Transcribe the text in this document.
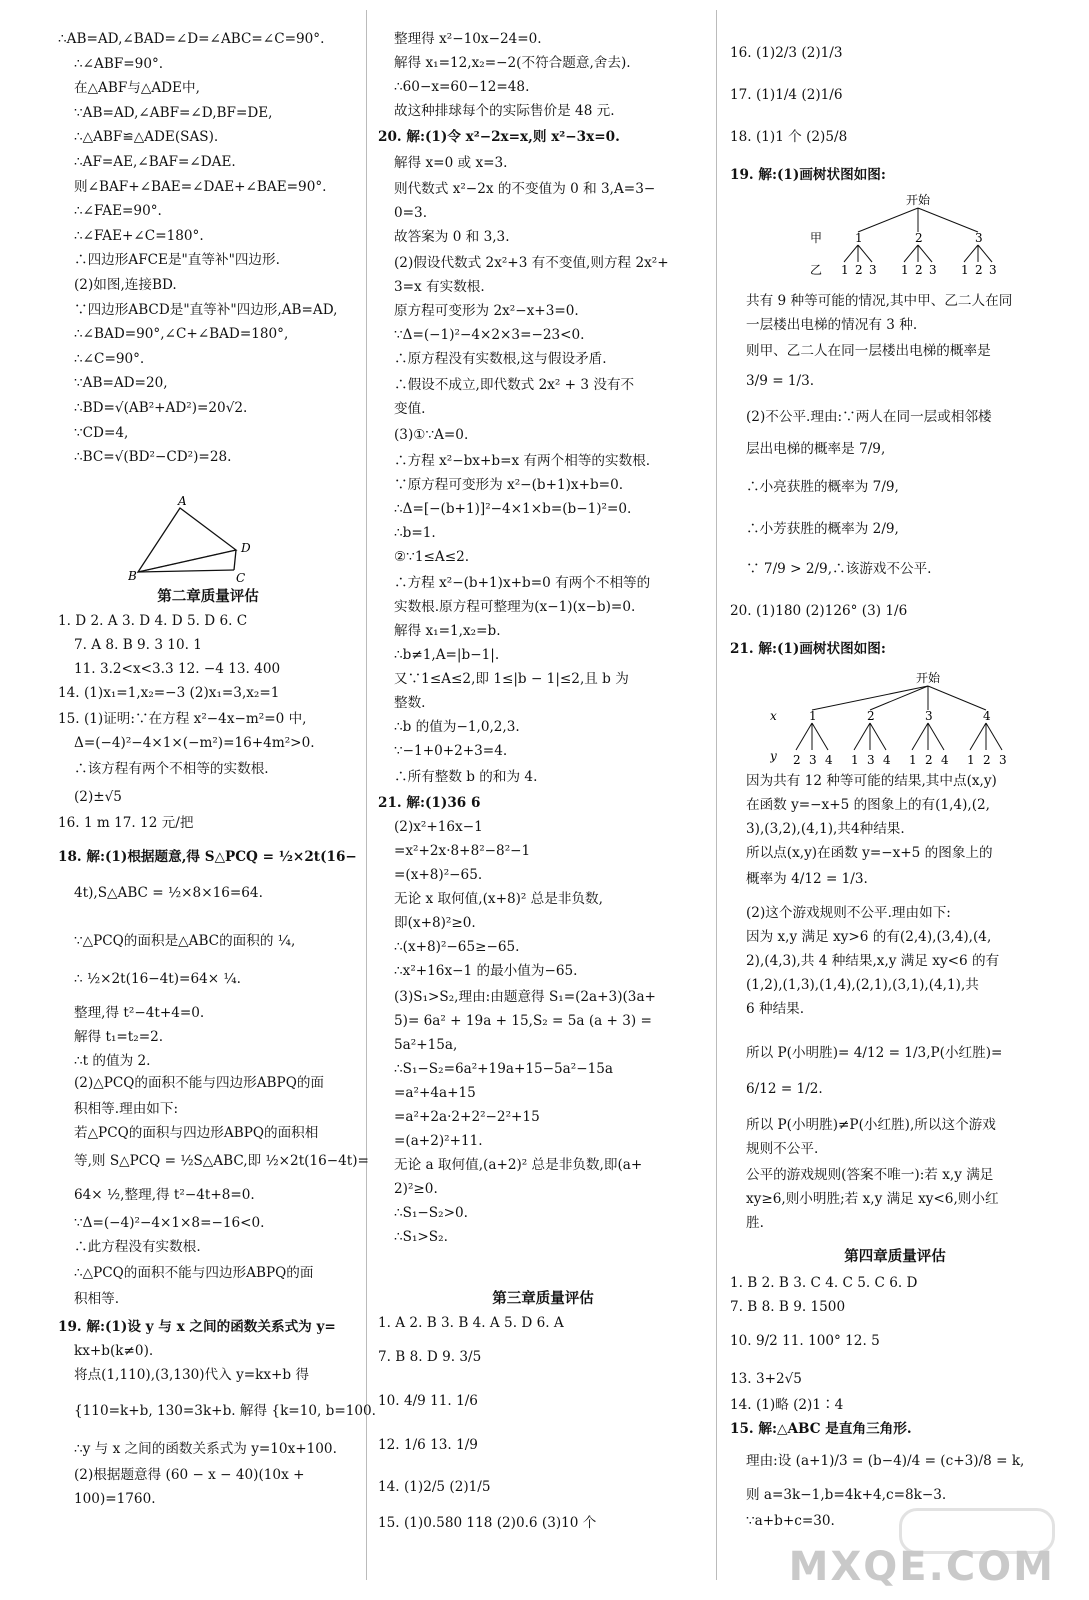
∴AB=AD,∠BAD=∠D=∠ABC=∠C=90°.
∴∠ABF=90°.
在△ABF与△ADE中,
∵AB=AD,∠ABF=∠D,BF=DE,
∴△ABF≌△ADE(SAS).
∴AF=AE,∠BAF=∠DAE.
则∠BAF+∠BAE=∠DAE+∠BAE=90°.
∴∠FAE=90°.
∴∠FAE+∠C=180°.
∴四边形AFCE是"直等补"四边形.
(2)如图,连接BD.
∵四边形ABCD是"直等补"四边形,AB=AD,
∴∠BAD=90°,∠C+∠BAD=180°,
∴∠C=90°.
∵AB=AD=20,
∴BD=√(AB²+AD²)=20√2.
∵CD=4,
∴BC=√(BD²−CD²)=28.
A
B	C
D
第二章质量评估
1. D 2. A 3. D 4. D 5. D 6. C
7. A 8. B 9. 3 10. 1
11. 3.2<x<3.3 12. −4 13. 400
14. (1)x₁=1,x₂=−3 (2)x₁=3,x₂=1
15. (1)证明:∵在方程 x²−4x−m²=0 中,
Δ=(−4)²−4×1×(−m²)=16+4m²>0.
∴该方程有两个不相等的实数根.
(2)±√5
16. 1 m 17. 12 元/把
18. 解:(1)根据题意,得 S△PCQ = ½×2t(16−
4t),S△ABC = ½×8×16=64.
∵△PCQ的面积是△ABC的面积的 ¼,
∴ ½×2t(16−4t)=64× ¼.
整理,得 t²−4t+4=0.
解得 t₁=t₂=2.
∴t 的值为 2.
(2)△PCQ的面积不能与四边形ABPQ的面
积相等.理由如下:
若△PCQ的面积与四边形ABPQ的面积相
等,则 S△PCQ = ½S△ABC,即 ½×2t(16−4t)=
64× ½,整理,得 t²−4t+8=0.
∵Δ=(−4)²−4×1×8=−16<0.
∴此方程没有实数根.
∴△PCQ的面积不能与四边形ABPQ的面
积相等.
19. 解:(1)设 y 与 x 之间的函数关系式为 y=
kx+b(k≠0).
将点(1,110),(3,130)代入 y=kx+b 得
{110=k+b, 130=3k+b. 解得 {k=10, b=100.
∴y 与 x 之间的函数关系式为 y=10x+100.
(2)根据题意得 (60 − x − 40)(10x +
100)=1760.
整理得 x²−10x−24=0.
解得 x₁=12,x₂=−2(不符合题意,舍去).
∴60−x=60−12=48.
故这种排球每个的实际售价是 48 元.
20. 解:(1)令 x²−2x=x,则 x²−3x=0.
解得 x=0 或 x=3.
则代数式 x²−2x 的不变值为 0 和 3,A=3−
0=3.
故答案为 0 和 3,3.
(2)假设代数式 2x²+3 有不变值,则方程 2x²+
3=x 有实数根.
原方程可变形为 2x²−x+3=0.
∵Δ=(−1)²−4×2×3=−23<0.
∴原方程没有实数根,这与假设矛盾.
∴假设不成立,即代数式 2x² + 3 没有不
变值.
(3)①∵A=0.
∴方程 x²−bx+b=x 有两个相等的实数根.
∵原方程可变形为 x²−(b+1)x+b=0.
∴Δ=[−(b+1)]²−4×1×b=(b−1)²=0.
∴b=1.
②∵1≤A≤2.
∴方程 x²−(b+1)x+b=0 有两个不相等的
实数根.原方程可整理为(x−1)(x−b)=0.
解得 x₁=1,x₂=b.
∴b≠1,A=|b−1|.
又∵1≤A≤2,即 1≤|b − 1|≤2,且 b 为
整数.
∴b 的值为−1,0,2,3.
∵−1+0+2+3=4.
∴所有整数 b 的和为 4.
21. 解:(1)36 6
(2)x²+16x−1
=x²+2x·8+8²−8²−1
=(x+8)²−65.
无论 x 取何值,(x+8)² 总是非负数,
即(x+8)²≥0.
∴(x+8)²−65≥−65.
∴x²+16x−1 的最小值为−65.
(3)S₁>S₂,理由:由题意得 S₁=(2a+3)(3a+
5)= 6a² + 19a + 15,S₂ = 5a (a + 3) =
5a²+15a,
∴S₁−S₂=6a²+19a+15−5a²−15a
=a²+4a+15
=a²+2a·2+2²−2²+15
=(a+2)²+11.
无论 a 取何值,(a+2)² 总是非负数,即(a+
2)²≥0.
∴S₁−S₂>0.
∴S₁>S₂.
第三章质量评估
1. A 2. B 3. B 4. A 5. D 6. A
7. B 8. D 9. 3/5
10. 4/9 11. 1/6
12. 1/6 13. 1/9
14. (1)2/5 (2)1/5
15. (1)0.580 118 (2)0.6 (3)10 个
16. (1)2/3 (2)1/3
17. (1)1/4 (2)1/6
18. (1)1 个 (2)5/8
19. 解:(1)画树状图如图:
共有 9 种等可能的情况,其中甲、乙二人在同
一层楼出电梯的情况有 3 种.
则甲、乙二人在同一层楼出电梯的概率是
3/9 = 1/3.
(2)不公平.理由:∵两人在同一层或相邻楼
层出电梯的概率是 7/9,
∴小亮获胜的概率为 7/9,
∴小芳获胜的概率为 2/9,
∵ 7/9 > 2/9,∴该游戏不公平.
20. (1)180 (2)126° (3) 1/6
21. 解:(1)画树状图如图:
因为共有 12 种等可能的结果,其中点(x,y)
在函数 y=−x+5 的图象上的有(1,4),(2,
3),(3,2),(4,1),共4种结果.
所以点(x,y)在函数 y=−x+5 的图象上的
概率为 4/12 = 1/3.
(2)这个游戏规则不公平.理由如下:
因为 x,y 满足 xy>6 的有(2,4),(3,4),(4,
2),(4,3),共 4 种结果,x,y 满足 xy<6 的有
(1,2),(1,3),(1,4),(2,1),(3,1),(4,1),共
6 种结果.
所以 P(小明胜)= 4/12 = 1/3,P(小红胜)=
6/12 = 1/2.
所以 P(小明胜)≠P(小红胜),所以这个游戏
规则不公平.
公平的游戏规则(答案不唯一):若 x,y 满足
xy≥6,则小明胜;若 x,y 满足 xy<6,则小红
胜.
开始
甲
乙
1
1 2 3
2
1 2 3
3
1 2 3
开始
x
y
1
2 3 4
2
1 3 4
3
1 2 4
4
1 2 3
第四章质量评估
1. B 2. B 3. C 4. C 5. C 6. D
7. B 8. B 9. 1500
10. 9/2 11. 100° 12. 5
13. 3+2√5
14. (1)略 (2)1∶4
15. 解:△ABC 是直角三角形.
理由:设 (a+1)/3 = (b−4)/4 = (c+3)/8 = k,
则 a=3k−1,b=4k+4,c=8k−3.
∵a+b+c=30.
MXQE.COM
